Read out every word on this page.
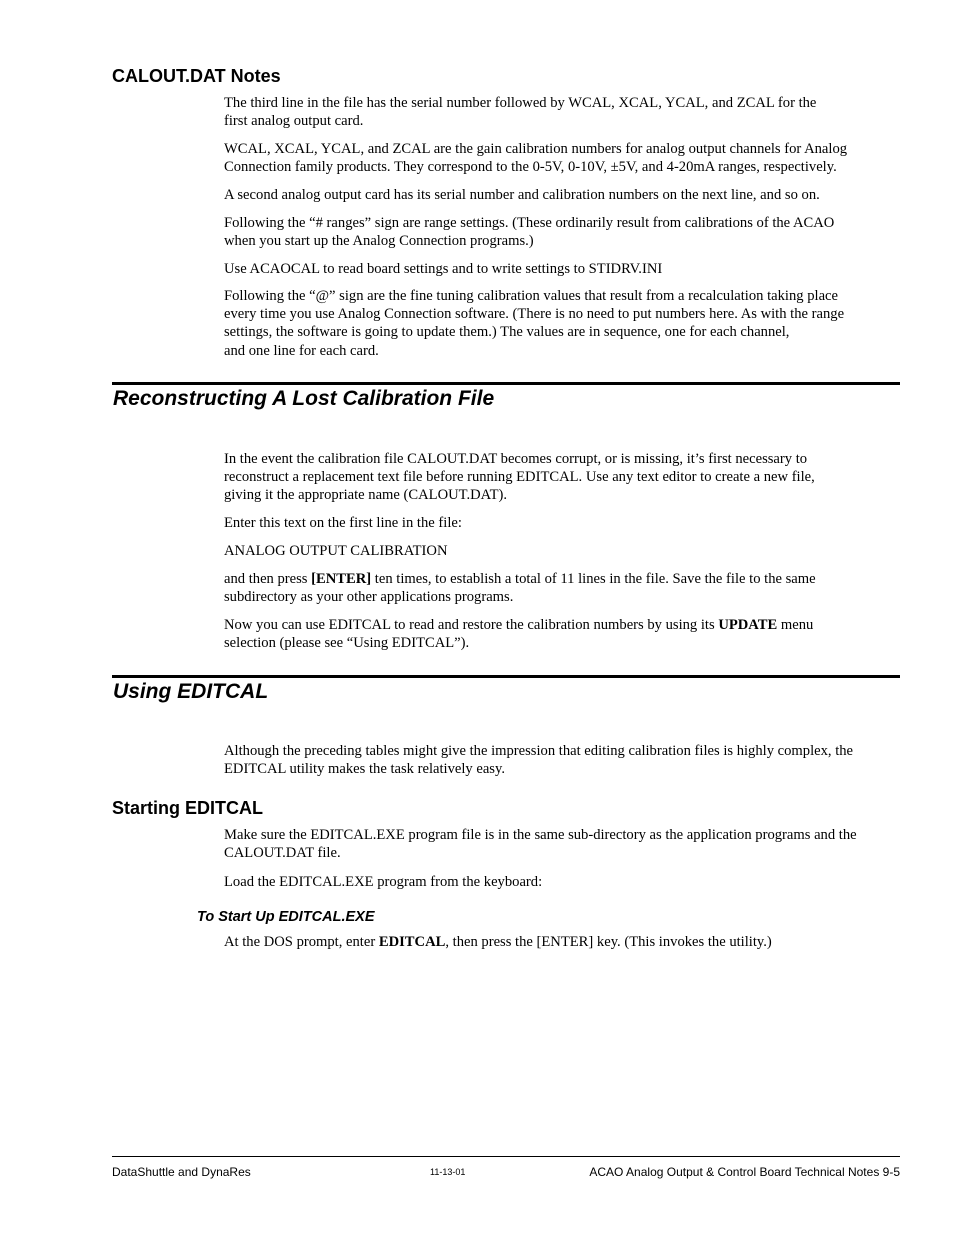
CALOUT.DAT Notes
The third line in the file has the serial number followed by WCAL, XCAL, YCAL, and ZCAL for the
first analog output card.
WCAL, XCAL, YCAL, and ZCAL are the gain calibration numbers for analog output channels for Analog
Connection family products. They correspond to the 0-5V, 0-10V, ±5V, and 4-20mA ranges, respectively.
A second analog output card has its serial number and calibration numbers on the next line, and so on.
Following the “# ranges” sign are range settings. (These ordinarily result from calibrations of the ACAO
when you start up the Analog Connection programs.)
Use ACAOCAL to read board settings and to write settings to STIDRV.INI
Following the “@” sign are the fine tuning calibration values that result from a recalculation taking place
every time you use Analog Connection software. (There is no need to put numbers here. As with the range
settings, the software is going to update them.) The values are in sequence, one for each channel,
and one line for each card.
Reconstructing A Lost Calibration File
In the event the calibration file CALOUT.DAT becomes corrupt, or is missing, it’s first necessary to
reconstruct a replacement text file before running EDITCAL. Use any text editor to create a new file,
giving it the appropriate name (CALOUT.DAT).
Enter this text on the first line in the file:
ANALOG OUTPUT CALIBRATION
and then press [ENTER] ten times, to establish a total of 11 lines in the file. Save the file to the same
subdirectory as your other applications programs.
Now you can use EDITCAL to read and restore the calibration numbers by using its UPDATE menu
selection (please see “Using EDITCAL”).
Using EDITCAL
Although the preceding tables might give the impression that editing calibration files is highly complex, the
EDITCAL utility makes the task relatively easy.
Starting EDITCAL
Make sure the EDITCAL.EXE program file is in the same sub-directory as the application programs and the
CALOUT.DAT file.
Load the EDITCAL.EXE program from the keyboard:
To Start Up EDITCAL.EXE
At the DOS prompt, enter EDITCAL, then press the [ENTER] key. (This invokes the utility.)
DataShuttle and DynaRes	11-13-01	ACAO Analog Output & Control Board Technical Notes 9-5
